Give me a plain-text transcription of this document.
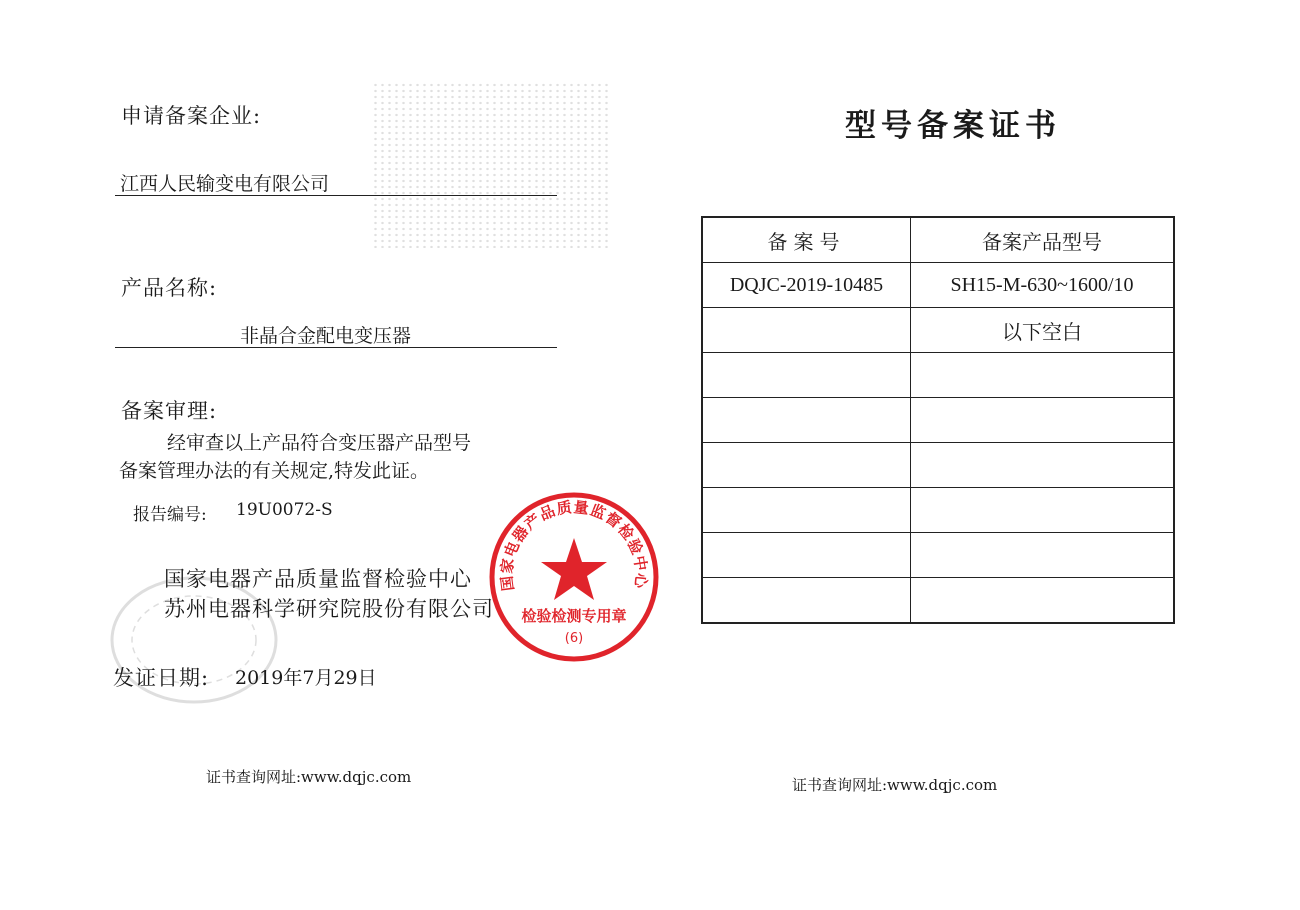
申请备案企业:
江西人民输变电有限公司
产品名称:
非晶合金配电变压器
备案审理:
经审查以上产品符合变压器产品型号
备案管理办法的有关规定,特发此证。
报告编号: 19U0072-S
国家电器产品质量监督检验中心
苏州电器科学研究院股份有限公司
发证日期: 2019年7月29日
证书查询网址:www.dqjc.com
国家电器产品质量监督检验中心
检验检测专用章
(6)
型号备案证书
备案号	备案产品型号
DQJC-2019-10485	SH15-M-630~1600/10
	以下空白

证书查询网址:www.dqjc.com
